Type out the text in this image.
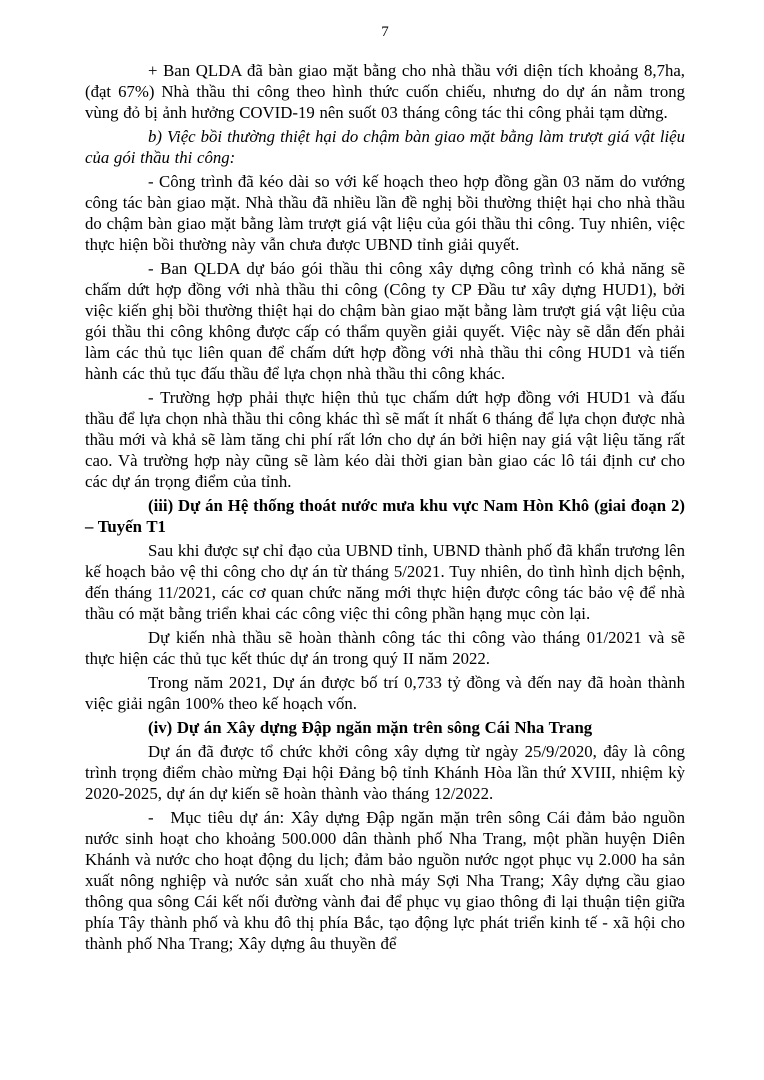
7

+ Ban QLDA đã bàn giao mặt bằng cho nhà thầu với diện tích khoảng 8,7ha, (đạt 67%) Nhà thầu thi công theo hình thức cuốn chiếu, nhưng do dự án nằm trong vùng đỏ bị ảnh hưởng COVID-19 nên suốt 03 tháng công tác thi công phải tạm dừng.

b) Việc bồi thường thiệt hại do chậm bàn giao mặt bằng làm trượt giá vật liệu của gói thầu thi công:

- Công trình đã kéo dài so với kế hoạch theo hợp đồng gần 03 năm do vướng công tác bàn giao mặt. Nhà thầu đã nhiều lần đề nghị bồi thường thiệt hại cho nhà thầu do chậm bàn giao mặt bằng làm trượt giá vật liệu của gói thầu thi công. Tuy nhiên, việc thực hiện bồi thường này vẫn chưa được UBND tỉnh giải quyết.

- Ban QLDA dự báo gói thầu thi công xây dựng công trình có khả năng sẽ chấm dứt hợp đồng với nhà thầu thi công (Công ty CP Đầu tư xây dựng HUD1), bởi việc kiến ghị bồi thường thiệt hại do chậm bàn giao mặt bằng làm trượt giá vật liệu của gói thầu thi công không được cấp có thẩm quyền giải quyết. Việc này sẽ dẫn đến phải làm các thủ tục liên quan để chấm dứt hợp đồng với nhà thầu thi công HUD1 và tiến hành các thủ tục đấu thầu để lựa chọn nhà thầu thi công khác.

- Trường hợp phải thực hiện thủ tục chấm dứt hợp đồng với HUD1 và đấu thầu để lựa chọn nhà thầu thi công khác thì sẽ mất ít nhất 6 tháng để lựa chọn được nhà thầu mới và khả sẽ làm tăng chi phí rất lớn cho dự án bởi hiện nay giá vật liệu tăng rất cao. Và trường hợp này cũng sẽ làm kéo dài thời gian bàn giao các lô tái định cư cho các dự án trọng điểm của tỉnh.

(iii) Dự án Hệ thống thoát nước mưa khu vực Nam Hòn Khô (giai đoạn 2) – Tuyến T1

Sau khi được sự chỉ đạo của UBND tỉnh, UBND thành phố đã khẩn trương lên kế hoạch bảo vệ thi công cho dự án từ tháng 5/2021. Tuy nhiên, do tình hình dịch bệnh, đến tháng 11/2021, các cơ quan chức năng mới thực hiện được công tác bảo vệ để nhà thầu có mặt bằng triển khai các công việc thi công phần hạng mục còn lại.

Dự kiến nhà thầu sẽ hoàn thành công tác thi công vào tháng 01/2021 và sẽ thực hiện các thủ tục kết thúc dự án trong quý II năm 2022.

Trong năm 2021, Dự án được bố trí 0,733 tỷ đồng và đến nay đã hoàn thành việc giải ngân 100% theo kế hoạch vốn.

(iv) Dự án Xây dựng Đập ngăn mặn trên sông Cái Nha Trang

Dự án đã được tổ chức khởi công xây dựng từ ngày 25/9/2020, đây là công trình trọng điểm chào mừng Đại hội Đảng bộ tỉnh Khánh Hòa lần thứ XVIII, nhiệm kỳ 2020-2025, dự án dự kiến sẽ hoàn thành vào tháng 12/2022.

- Mục tiêu dự án: Xây dựng Đập ngăn mặn trên sông Cái đảm bảo nguồn nước sinh hoạt cho khoảng 500.000 dân thành phố Nha Trang, một phần huyện Diên Khánh và nước cho hoạt động du lịch; đảm bảo nguồn nước ngọt phục vụ 2.000 ha sản xuất nông nghiệp và nước sản xuất cho nhà máy Sợi Nha Trang; Xây dựng cầu giao thông qua sông Cái kết nối đường vành đai để phục vụ giao thông đi lại thuận tiện giữa phía Tây thành phố và khu đô thị phía Bắc, tạo động lực phát triển kinh tế - xã hội cho thành phố Nha Trang; Xây dựng âu thuyền để
